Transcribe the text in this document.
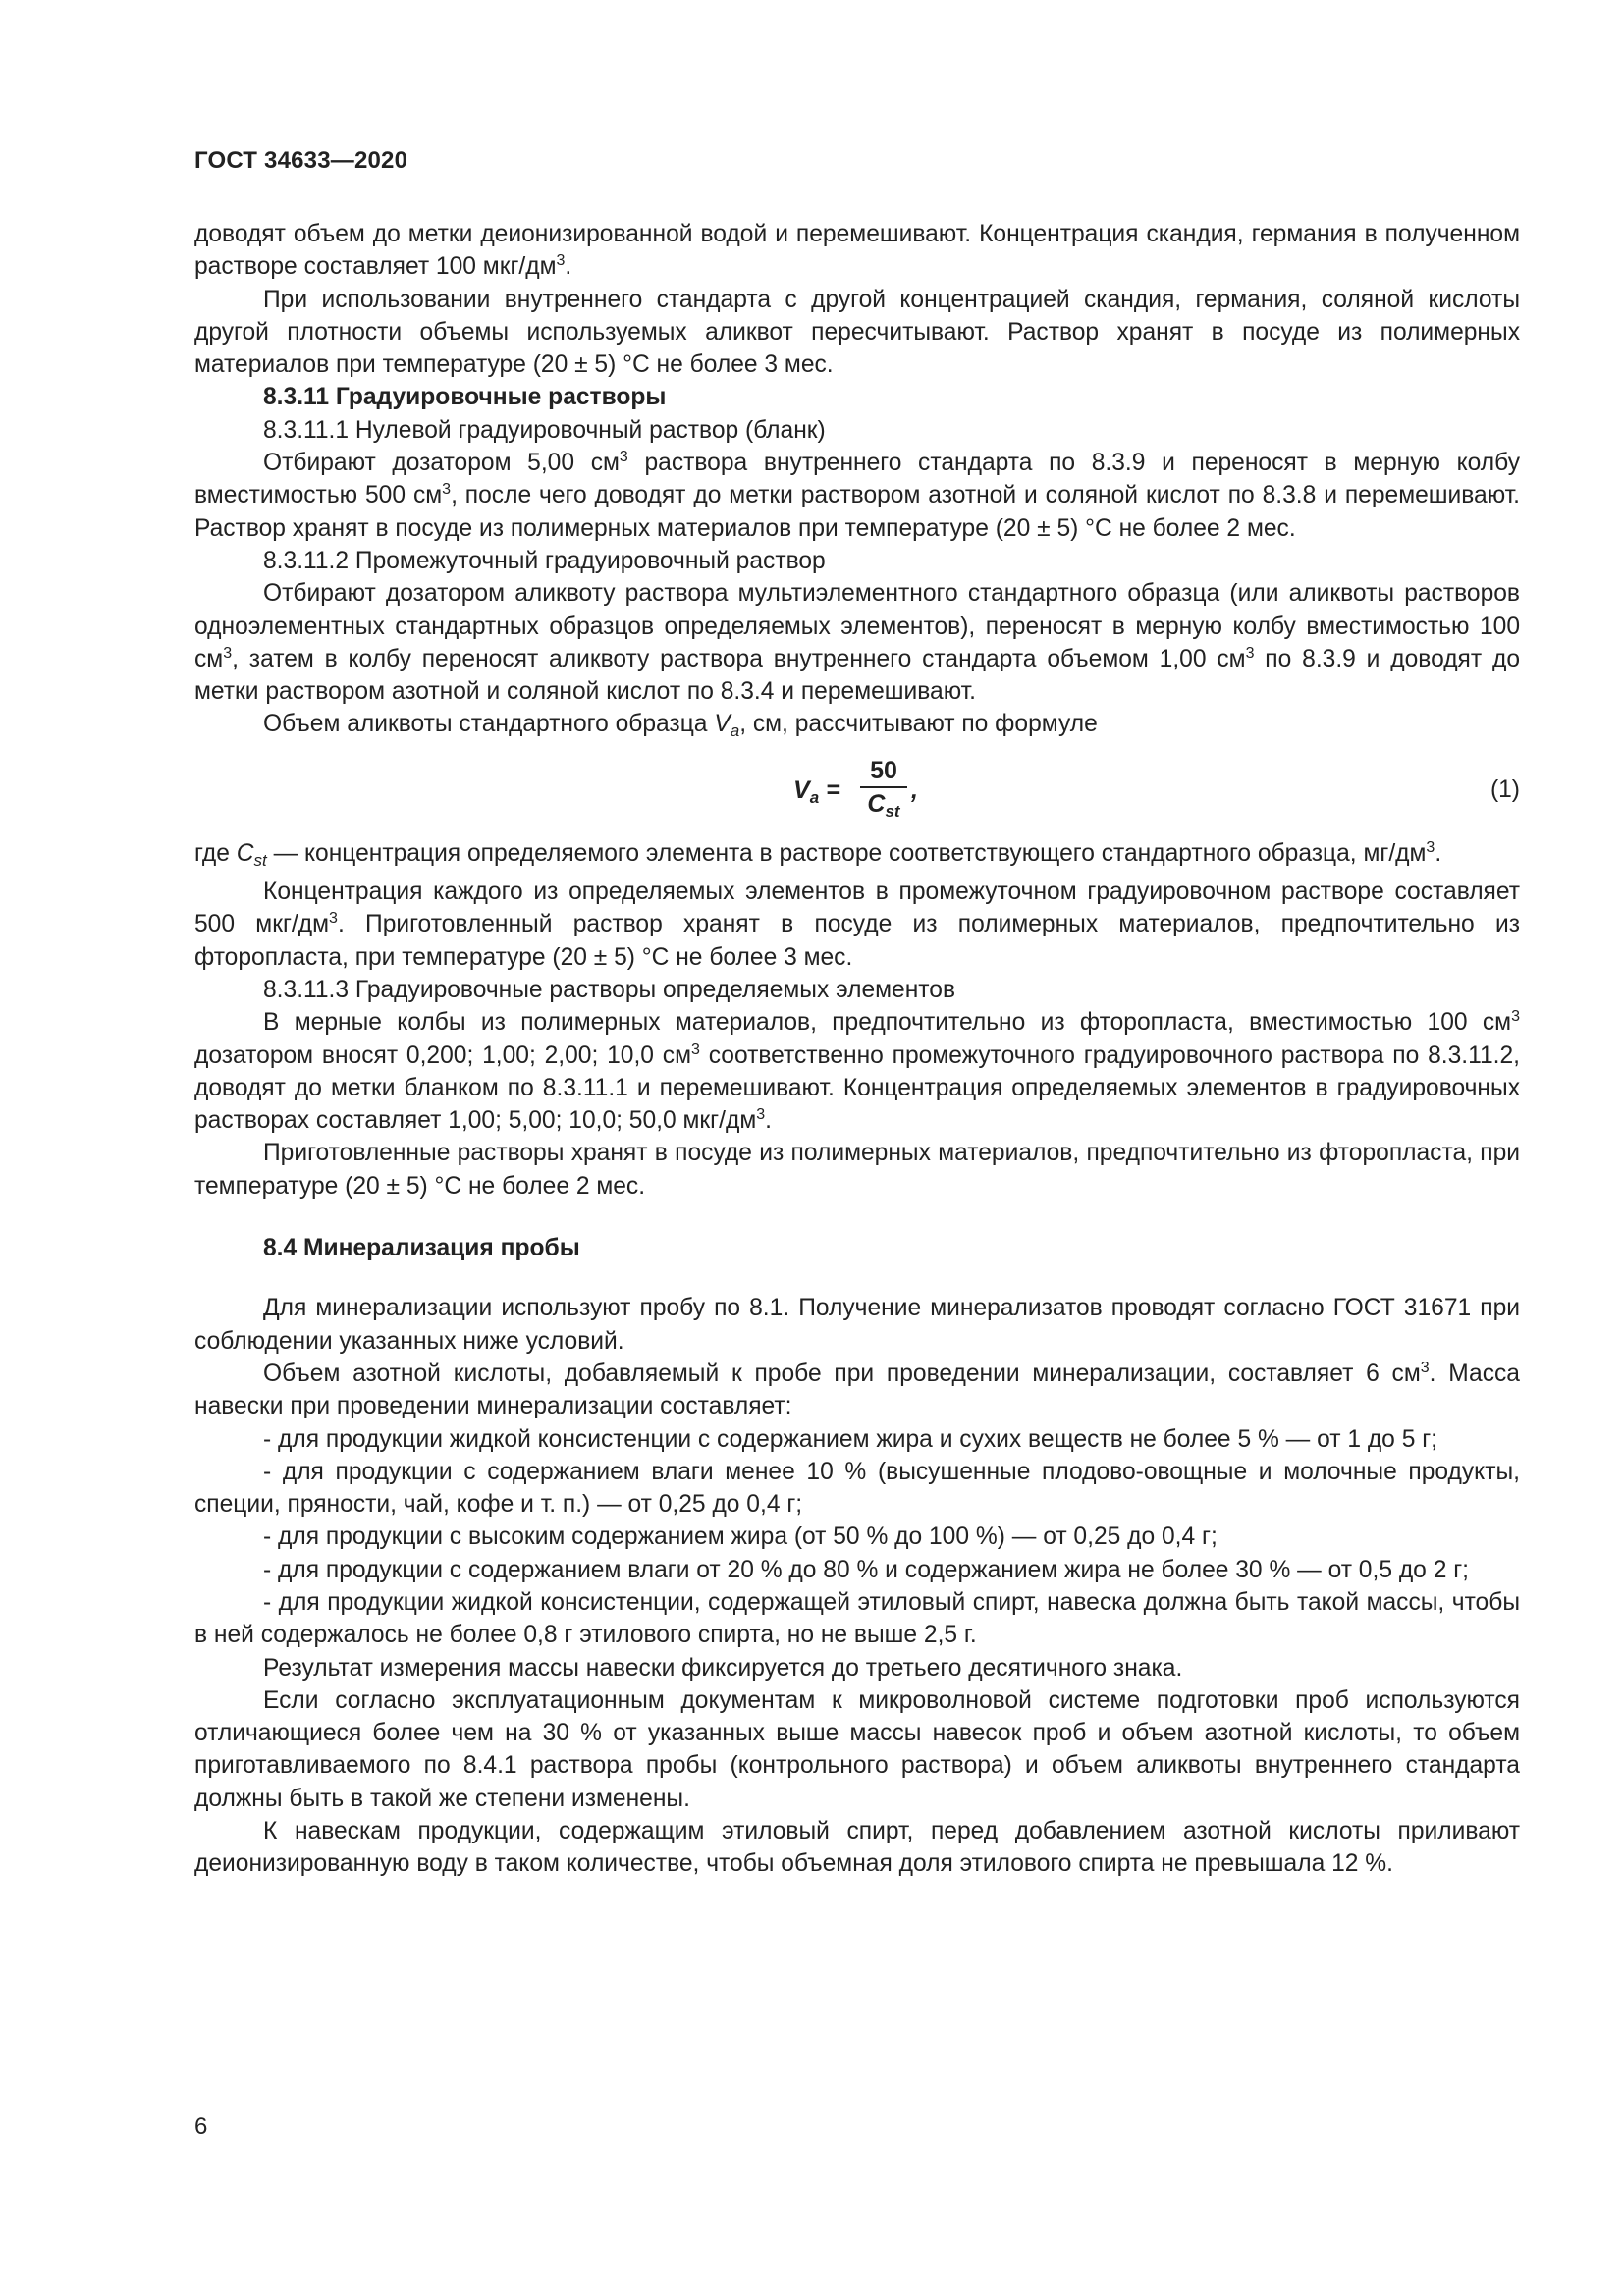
ГОСТ 34633—2020

доводят объем до метки деионизированной водой и перемешивают. Концентрация скандия, германия в полученном растворе составляет 100 мкг/$дм^3$.

При использовании внутреннего стандарта с другой концентрацией скандия, германия, соляной кислоты другой плотности объемы используемых аликвот пересчитывают. Раствор хранят в посуде из полимерных материалов при температуре (20 ± 5) °С не более 3 мес.

8.3.11 Градуировочные растворы

8.3.11.1 Нулевой градуировочный раствор (бланк)

Отбирают дозатором 5,00 $см^3$ раствора внутреннего стандарта по 8.3.9 и переносят в мерную колбу вместимостью 500 $см^3$, после чего доводят до метки раствором азотной и соляной кислот по 8.3.8 и перемешивают. Раствор хранят в посуде из полимерных материалов при температуре (20 ± 5) °С не более 2 мес.

8.3.11.2 Промежуточный градуировочный раствор

Отбирают дозатором аликвоту раствора мультиэлементного стандартного образца (или аликвоты растворов одноэлементных стандартных образцов определяемых элементов), переносят в мерную колбу вместимостью 100 $см^3$, затем в колбу переносят аликвоту раствора внутреннего стандарта объемом 1,00 $см^3$ по 8.3.9 и доводят до метки раствором азотной и соляной кислот по 8.3.4 и перемешивают.

Объем аликвоты стандартного образца $V_a$, см, рассчитывают по формуле

$V_a$ =
50
$C_{st}$
,	(1)

где $C_{st}$ — концентрация определяемого элемента в растворе соответствующего стандартного образца, $мг/дм^3$.

Концентрация каждого из определяемых элементов в промежуточном градуировочном растворе составляет 500 мкг/$дм^3$. Приготовленный раствор хранят в посуде из полимерных материалов, предпочтительно из фторопласта, при температуре (20 ± 5) °С не более 3 мес.

8.3.11.3 Градуировочные растворы определяемых элементов

В мерные колбы из полимерных материалов, предпочтительно из фторопласта, вместимостью 100 $см^3$ дозатором вносят 0,200; 1,00; 2,00; 10,0 $см^3$ соответственно промежуточного градуировочного раствора по 8.3.11.2, доводят до метки бланком по 8.3.11.1 и перемешивают. Концентрация определяемых элементов в градуировочных растворах составляет 1,00; 5,00; 10,0; 50,0 мкг/$дм^3$.

Приготовленные растворы хранят в посуде из полимерных материалов, предпочтительно из фторопласта, при температуре (20 ± 5) °С не более 2 мес.

8.4 Минерализация пробы

Для минерализации используют пробу по 8.1. Получение минерализатов проводят согласно ГОСТ 31671 при соблюдении указанных ниже условий.

Объем азотной кислоты, добавляемый к пробе при проведении минерализации, составляет 6 $см^3$. Масса навески при проведении минерализации составляет:

- для продукции жидкой консистенции с содержанием жира и сухих веществ не более 5 % — от 1 до 5 г;

- для продукции с содержанием влаги менее 10 % (высушенные плодово-овощные и молочные продукты, специи, пряности, чай, кофе и т. п.) — от 0,25 до 0,4 г;

- для продукции с высоким содержанием жира (от 50 % до 100 %) — от 0,25 до 0,4 г;

- для продукции с содержанием влаги от 20 % до 80 % и содержанием жира не более 30 % — от 0,5 до 2 г;

- для продукции жидкой консистенции, содержащей этиловый спирт, навеска должна быть такой массы, чтобы в ней содержалось не более 0,8 г этилового спирта, но не выше 2,5 г.

Результат измерения массы навески фиксируется до третьего десятичного знака.

Если согласно эксплуатационным документам к микроволновой системе подготовки проб используются отличающиеся более чем на 30 % от указанных выше массы навесок проб и объем азотной кислоты, то объем приготавливаемого по 8.4.1 раствора пробы (контрольного раствора) и объем аликвоты внутреннего стандарта должны быть в такой же степени изменены.

К навескам продукции, содержащим этиловый спирт, перед добавлением азотной кислоты приливают деионизированную воду в таком количестве, чтобы объемная доля этилового спирта не превышала 12 %.

6
